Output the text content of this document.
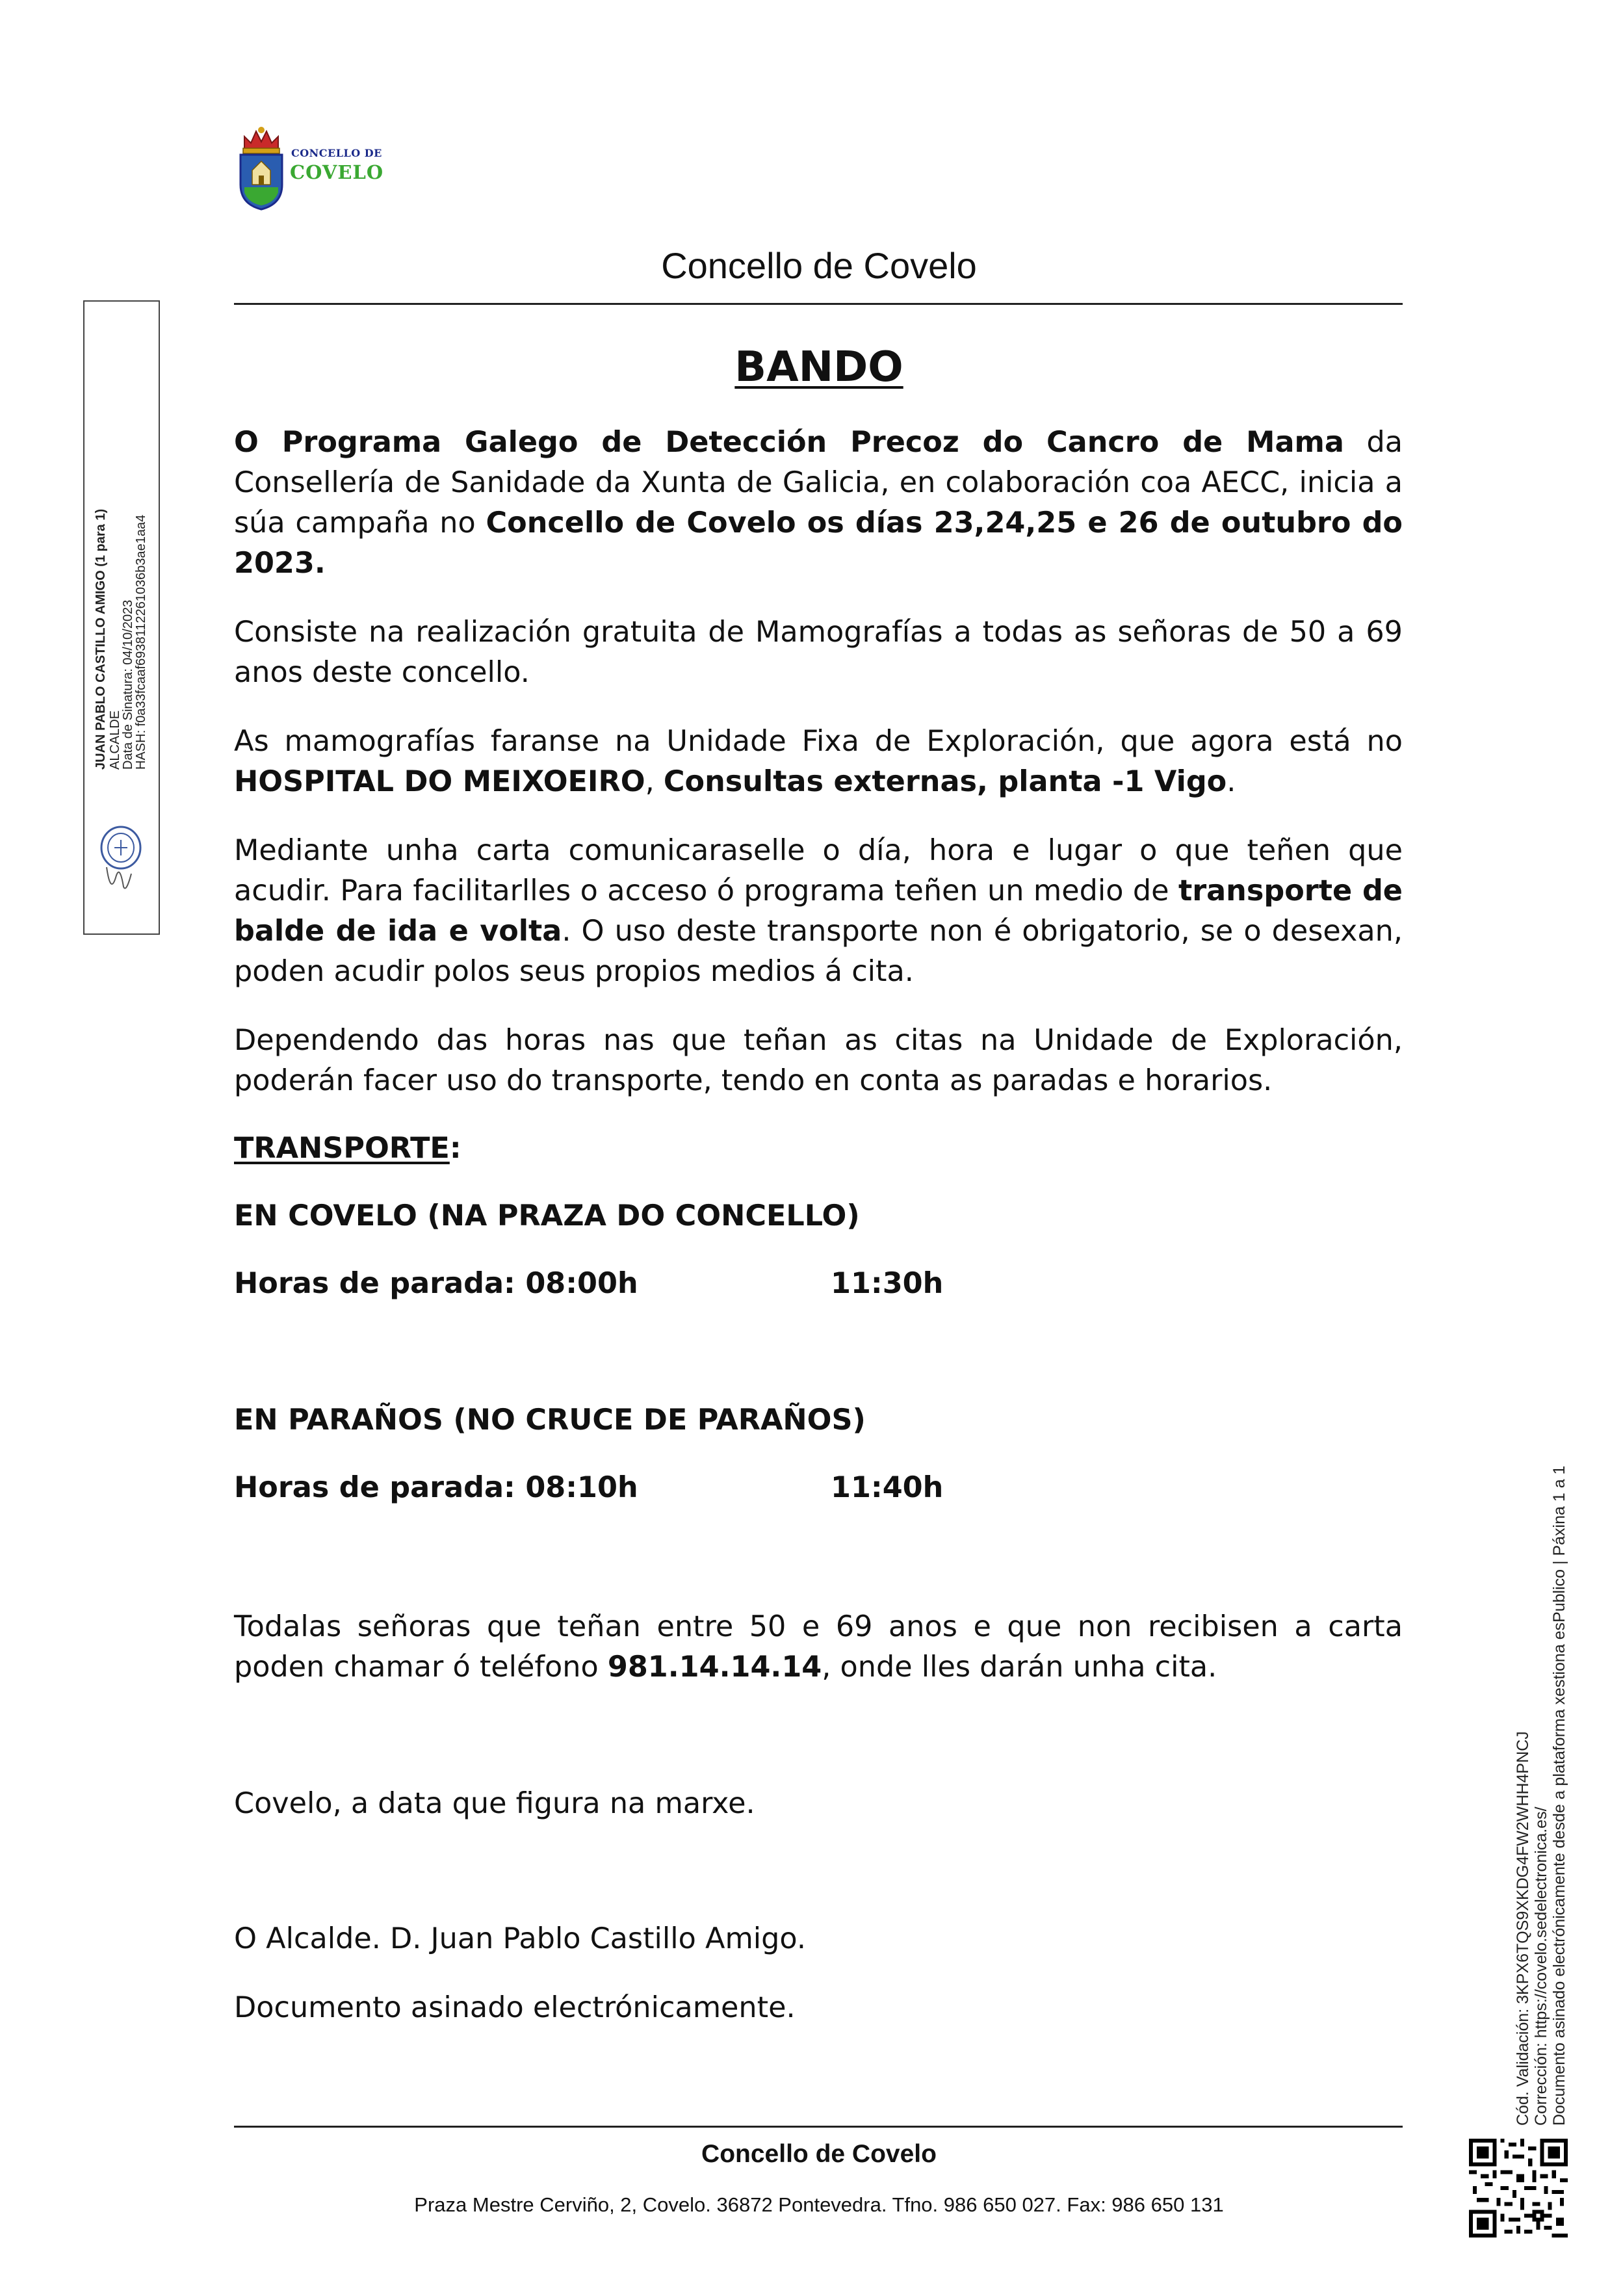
CONCELLO DE
COVELO
Concello de Covelo
BANDO
O Programa Galego de Detección Precoz do Cancro de Mama da Consellería de Sanidade da Xunta de Galicia, en colaboración coa AECC, inicia a súa campaña no Concello de Covelo os días 23,24,25 e 26 de outubro do 2023.
Consiste na realización gratuita de Mamografías a todas as señoras de 50 a 69 anos deste concello.
As mamografías faranse na Unidade Fixa de Exploración, que agora está no HOSPITAL DO MEIXOEIRO, Consultas externas, planta -1 Vigo.
Mediante unha carta comunicaraselle o día, hora e lugar o que teñen que acudir. Para facilitarlles o acceso ó programa teñen un medio de transporte de balde de ida e volta. O uso deste transporte non é obrigatorio, se o desexan, poden acudir polos seus propios medios á cita.
Dependendo das horas nas que teñan as citas na Unidade de Exploración, poderán facer uso do transporte, tendo en conta as paradas e horarios.
TRANSPORTE:
EN COVELO (NA PRAZA DO CONCELLO)
Horas de parada: 08:00h	11:30h
EN PARAÑOS (NO CRUCE DE PARAÑOS)
Horas de parada: 08:10h	11:40h
Todalas señoras que teñan entre 50 e 69 anos e que non recibisen a carta poden chamar ó teléfono 981.14.14.14, onde lles darán unha cita.
Covelo, a data que figura na marxe.
O Alcalde. D. Juan Pablo Castillo Amigo.
Documento asinado electrónicamente.
Concello de Covelo
Praza Mestre Cerviño, 2, Covelo. 36872 Pontevedra. Tfno. 986 650 027. Fax: 986 650 131
JUAN PABLO CASTILLO AMIGO (1 para 1) ALCALDE
Data de Sinatura: 04/10/2023
HASH: f0a33fcaaf6938112261036b3ae1aa4
Cód. Validación: 3KPX6TQS9XKDG4FW2WHH4PNCJ Corrección: https://covelo.sedelectronica.es/ Documento asinado electrónicamente desde a plataforma xestiona esPublico | Páxina 1 a 1
